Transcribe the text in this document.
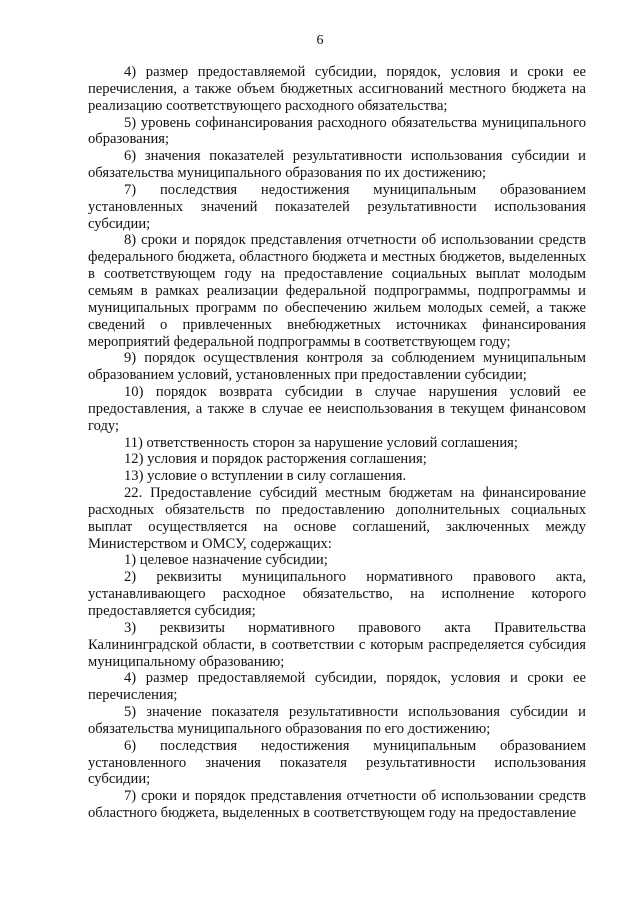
6

4) размер предоставляемой субсидии, порядок, условия и сроки ее перечисления, а также объем бюджетных ассигнований местного бюджета на реализацию соответствующего расходного обязательства;

5) уровень софинансирования расходного обязательства муниципального образования;

6) значения показателей результативности использования субсидии и обязательства муниципального образования по их достижению;

7) последствия недостижения муниципальным образованием установленных значений показателей результативности использования субсидии;

8) сроки и порядок представления отчетности об использовании средств федерального бюджета, областного бюджета и местных бюджетов, выделенных в соответствующем году на предоставление социальных выплат молодым семьям в рамках реализации федеральной подпрограммы, подпрограммы и муниципальных программ по обеспечению жильем молодых семей, а также сведений о привлеченных внебюджетных источниках финансирования мероприятий федеральной подпрограммы в соответствующем году;

9) порядок осуществления контроля за соблюдением муниципальным образованием условий, установленных при предоставлении субсидии;

10) порядок возврата субсидии в случае нарушения условий ее предоставления, а также в случае ее неиспользования в текущем финансовом году;

11) ответственность сторон за нарушение условий соглашения;

12) условия и порядок расторжения соглашения;

13) условие о вступлении в силу соглашения.

22. Предоставление субсидий местным бюджетам на финансирование расходных обязательств по предоставлению дополнительных социальных выплат осуществляется на основе соглашений, заключенных между Министерством и ОМСУ, содержащих:

1) целевое назначение субсидии;

2) реквизиты муниципального нормативного правового акта, устанавливающего расходное обязательство, на исполнение которого предоставляется субсидия;

3) реквизиты нормативного правового акта Правительства Калининградской области, в соответствии с которым распределяется субсидия муниципальному образованию;

4) размер предоставляемой субсидии, порядок, условия и сроки ее перечисления;

5) значение показателя результативности использования субсидии и обязательства муниципального образования по его достижению;

6) последствия недостижения муниципальным образованием установленного значения показателя результативности использования субсидии;

7) сроки и порядок представления отчетности об использовании средств областного бюджета, выделенных в соответствующем году на предоставление
